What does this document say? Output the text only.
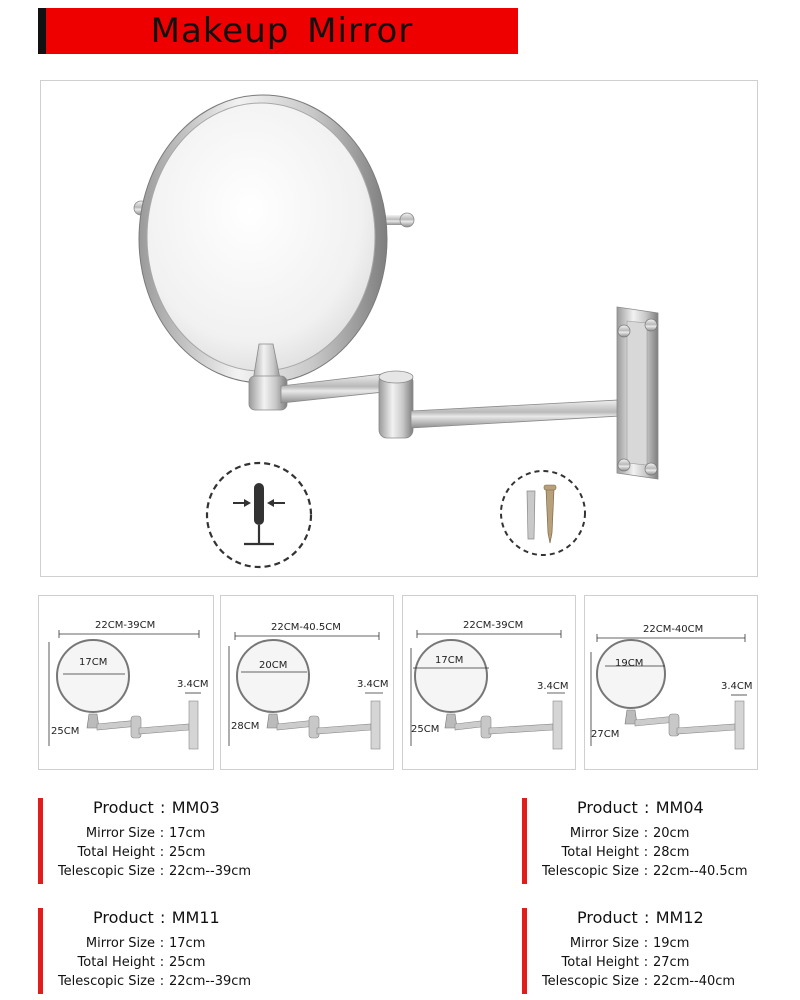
Makeup Mirror
22CM-39CM
17CM
25CM
3.4CM
22CM-40.5CM
20CM
28CM
3.4CM
22CM-39CM
17CM
25CM
3.4CM
22CM-40CM
19CM
27CM
3.4CM
Product : MM03
Mirror Size : 17cm
Total Height : 25cm
Telescopic Size : 22cm--39cm
Product : MM04
Mirror Size : 20cm
Total Height : 28cm
Telescopic Size : 22cm--40.5cm
Product : MM11
Mirror Size : 17cm
Total Height : 25cm
Telescopic Size : 22cm--39cm
Product : MM12
Mirror Size : 19cm
Total Height : 27cm
Telescopic Size : 22cm--40cm
